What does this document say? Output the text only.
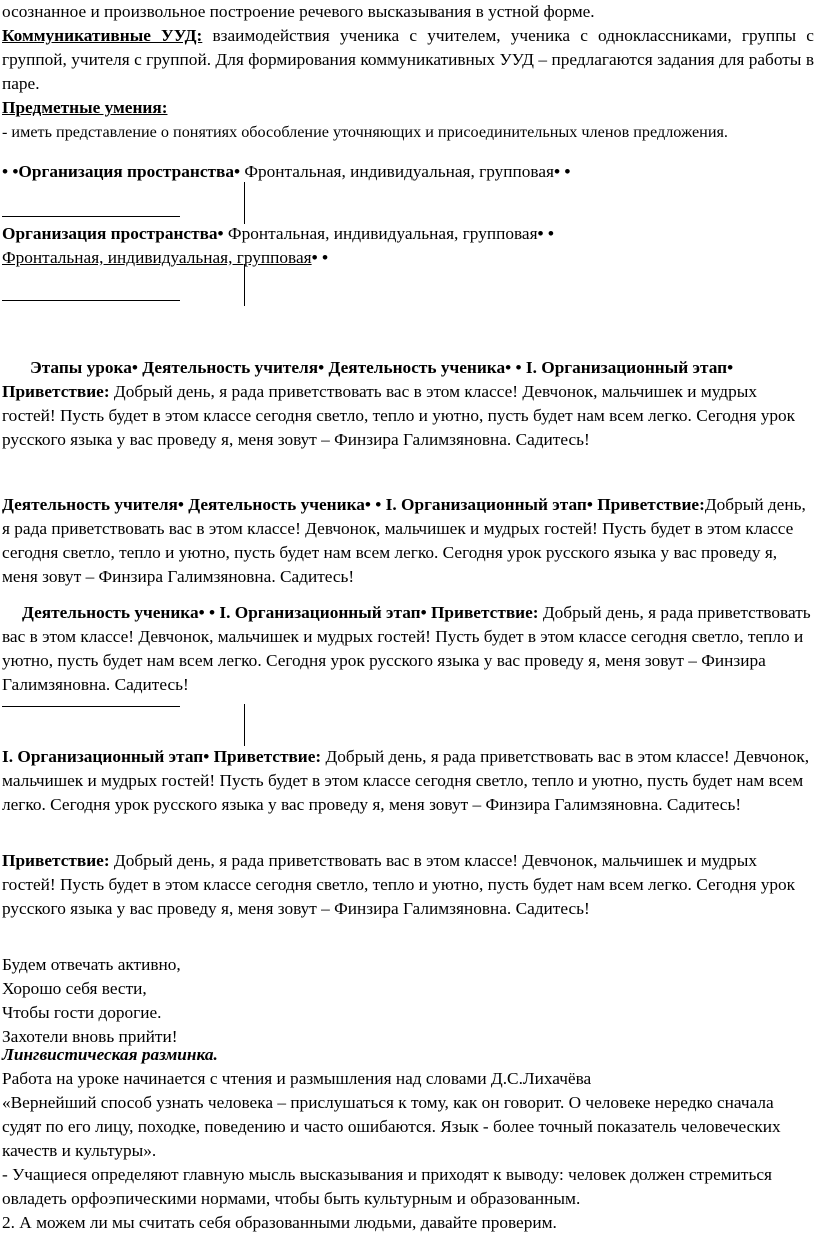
осознанное и произвольное построение речевого высказывания в устной форме.
Коммуникативные УУД: взаимодействия ученика с учителем, ученика с одноклассниками, группы с группой, учителя с группой. Для формирования коммуникативных УУД – предлагаются задания для работы в паре.
Предметные умения:
- иметь представление о понятиях обособление уточняющих и присоединительных членов предложения.
• •Организация пространства• Фронтальная, индивидуальная, групповая• •
Организация пространства• Фронтальная, индивидуальная, групповая• •
Фронтальная, индивидуальная, групповая• •
Этапы урока• Деятельность учителя• Деятельность ученика• • I. Организационный этап• Приветствие: Добрый день, я рада приветствовать вас в этом классе! Девчонок, мальчишек и мудрых гостей! Пусть будет в этом классе сегодня светло, тепло и уютно, пусть будет нам всем легко. Сегодня урок русского языка у вас проведу я, меня зовут – Финзира Галимзяновна. Садитесь!
Деятельность учителя• Деятельность ученика• • I. Организационный этап• Приветствие:Добрый день, я рада приветствовать вас в этом классе! Девчонок, мальчишек и мудрых гостей! Пусть будет в этом классе сегодня светло, тепло и уютно, пусть будет нам всем легко. Сегодня урок русского языка у вас проведу я, меня зовут – Финзира Галимзяновна. Садитесь!
Деятельность ученика• • I. Организационный этап• Приветствие: Добрый день, я рада приветствовать вас в этом классе! Девчонок, мальчишек и мудрых гостей! Пусть будет в этом классе сегодня светло, тепло и уютно, пусть будет нам всем легко. Сегодня урок русского языка у вас проведу я, меня зовут – Финзира Галимзяновна. Садитесь!
I. Организационный этап• Приветствие: Добрый день, я рада приветствовать вас в этом классе! Девчонок, мальчишек и мудрых гостей! Пусть будет в этом классе сегодня светло, тепло и уютно, пусть будет нам всем легко. Сегодня урок русского языка у вас проведу я, меня зовут – Финзира Галимзяновна. Садитесь!
Приветствие: Добрый день, я рада приветствовать вас в этом классе! Девчонок, мальчишек и мудрых гостей! Пусть будет в этом классе сегодня светло, тепло и уютно, пусть будет нам всем легко. Сегодня урок русского языка у вас проведу я, меня зовут – Финзира Галимзяновна. Садитесь!
Будем отвечать активно,
Хорошо себя вести,
Чтобы гости дорогие.
Захотели вновь прийти!
Лингвистическая разминка.
Работа на уроке начинается с чтения и размышления над словами Д.С.Лихачёва
«Вернейший способ узнать человека – прислушаться к тому, как он говорит. О человеке нередко сначала судят по его лицу, походке, поведению и часто ошибаются. Язык - более точный показатель человеческих качеств и культуры».
- Учащиеся определяют главную мысль высказывания и приходят к выводу: человек должен стремиться овладеть орфоэпическими нормами, чтобы быть культурным и образованным.
2. А можем ли мы считать себя образованными людьми, давайте проверим.
